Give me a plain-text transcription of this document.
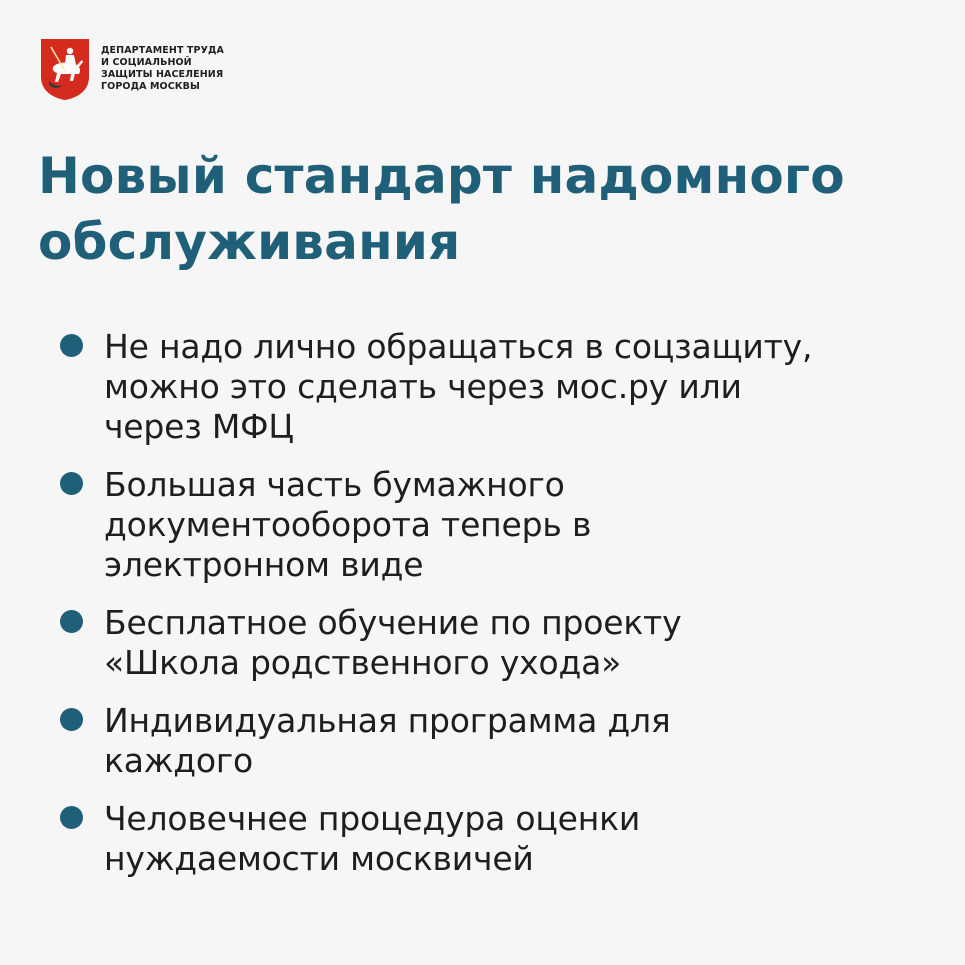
ДЕПАРТАМЕНТ ТРУДА
И СОЦИАЛЬНОЙ
ЗАЩИТЫ НАСЕЛЕНИЯ
ГОРОДА МОСКВЫ
Новый стандарт надомного
обслуживания
Не надо лично обращаться в соцзащиту,
можно это сделать через мос.ру или
через МФЦ
Большая часть бумажного
документооборота теперь в
электронном виде
Бесплатное обучение по проекту
«Школа родственного ухода»
Индивидуальная программа для
каждого
Человечнее процедура оценки
нуждаемости москвичей
